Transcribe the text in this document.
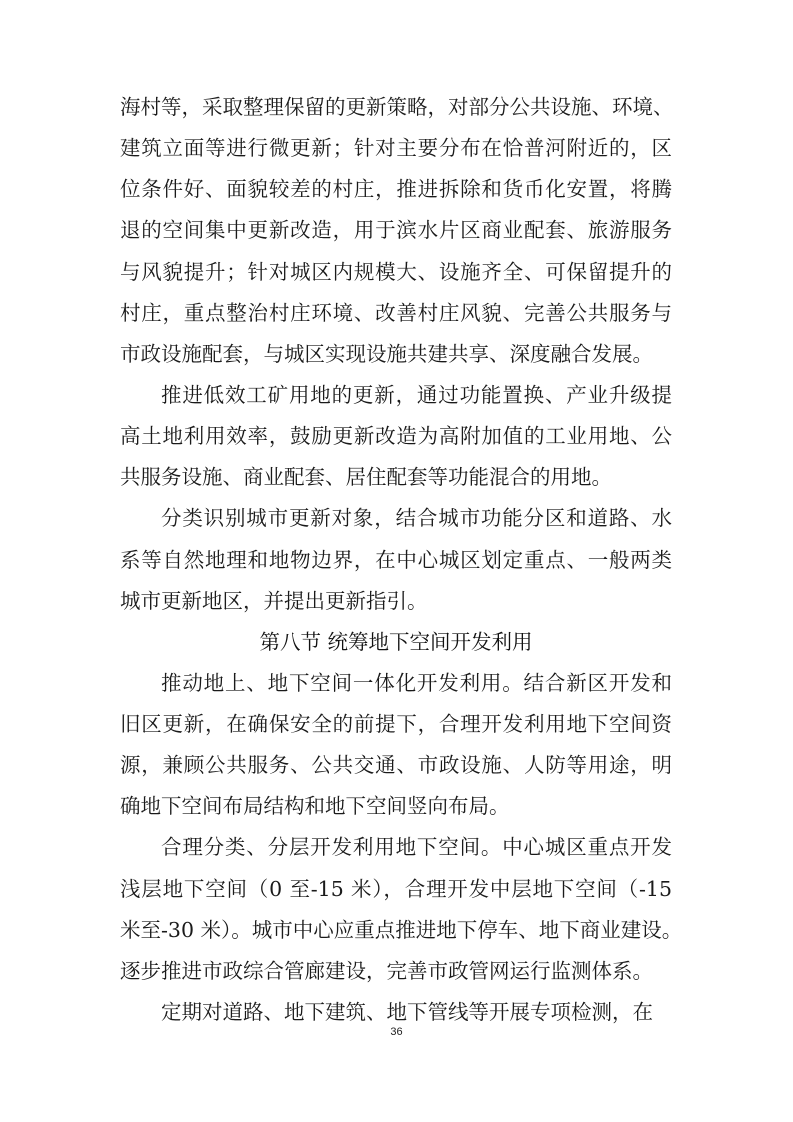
海村等，采取整理保留的更新策略，对部分公共设施、环境、
建筑立面等进行微更新；针对主要分布在恰普河附近的，区
位条件好、面貌较差的村庄，推进拆除和货币化安置，将腾
退的空间集中更新改造，用于滨水片区商业配套、旅游服务
与风貌提升；针对城区内规模大、设施齐全、可保留提升的
村庄，重点整治村庄环境、改善村庄风貌、完善公共服务与
市政设施配套，与城区实现设施共建共享、深度融合发展。
推进低效工矿用地的更新，通过功能置换、产业升级提
高土地利用效率，鼓励更新改造为高附加值的工业用地、公
共服务设施、商业配套、居住配套等功能混合的用地。
分类识别城市更新对象，结合城市功能分区和道路、水
系等自然地理和地物边界，在中心城区划定重点、一般两类
城市更新地区，并提出更新指引。
第八节 统筹地下空间开发利用
推动地上、地下空间一体化开发利用。结合新区开发和
旧区更新，在确保安全的前提下，合理开发利用地下空间资
源，兼顾公共服务、公共交通、市政设施、人防等用途，明
确地下空间布局结构和地下空间竖向布局。
合理分类、分层开发利用地下空间。中心城区重点开发
浅层地下空间（0 至-15 米），合理开发中层地下空间（-15
米至-30 米）。城市中心应重点推进地下停车、地下商业建设。
逐步推进市政综合管廊建设，完善市政管网运行监测体系。
定期对道路、地下建筑、地下管线等开展专项检测，在
36
